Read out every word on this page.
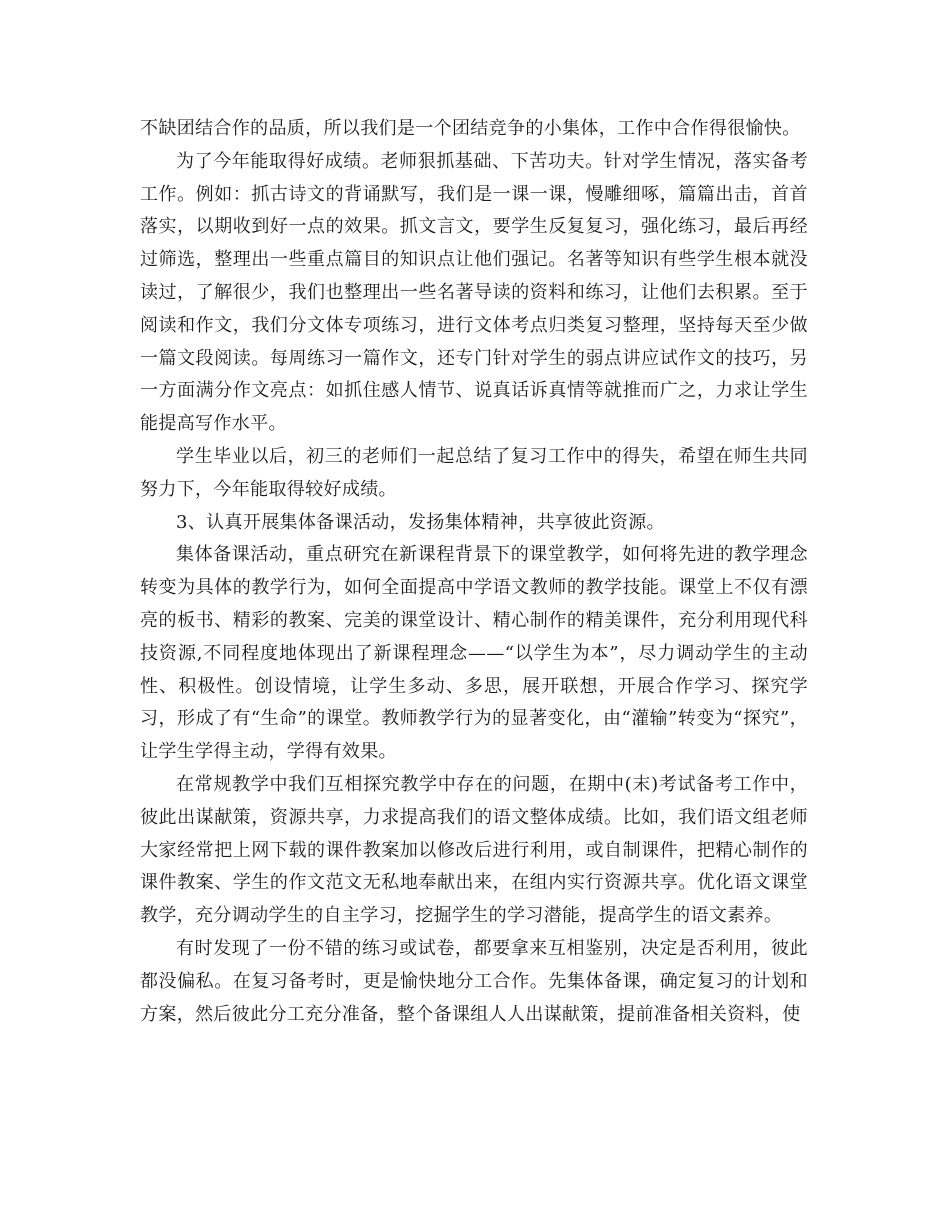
不缺团结合作的品质，所以我们是一个团结竞争的小集体，工作中合作得很愉快。

为了今年能取得好成绩。老师狠抓基础、下苦功夫。针对学生情况，落实备考工作。例如：抓古诗文的背诵默写，我们是一课一课，慢雕细啄，篇篇出击，首首落实，以期收到好一点的效果。抓文言文，要学生反复复习，强化练习，最后再经过筛选，整理出一些重点篇目的知识点让他们强记。名著等知识有些学生根本就没读过，了解很少，我们也整理出一些名著导读的资料和练习，让他们去积累。至于阅读和作文，我们分文体专项练习，进行文体考点归类复习整理，坚持每天至少做一篇文段阅读。每周练习一篇作文，还专门针对学生的弱点讲应试作文的技巧，另一方面满分作文亮点：如抓住感人情节、说真话诉真情等就推而广之，力求让学生能提高写作水平。

学生毕业以后，初三的老师们一起总结了复习工作中的得失，希望在师生共同努力下，今年能取得较好成绩。

3、认真开展集体备课活动，发扬集体精神，共享彼此资源。

集体备课活动，重点研究在新课程背景下的课堂教学，如何将先进的教学理念转变为具体的教学行为，如何全面提高中学语文教师的教学技能。课堂上不仅有漂亮的板书、精彩的教案、完美的课堂设计、精心制作的精美课件，充分利用现代科技资源,不同程度地体现出了新课程理念——“以学生为本”，尽力调动学生的主动性、积极性。创设情境，让学生多动、多思，展开联想，开展合作学习、探究学习，形成了有“生命”的课堂。教师教学行为的显著变化，由“灌输”转变为“探究”，让学生学得主动，学得有效果。

在常规教学中我们互相探究教学中存在的问题，在期中(末)考试备考工作中，彼此出谋献策，资源共享，力求提高我们的语文整体成绩。比如，我们语文组老师大家经常把上网下载的课件教案加以修改后进行利用，或自制课件，把精心制作的课件教案、学生的作文范文无私地奉献出来，在组内实行资源共享。优化语文课堂教学，充分调动学生的自主学习，挖掘学生的学习潜能，提高学生的语文素养。

有时发现了一份不错的练习或试卷，都要拿来互相鉴别，决定是否利用，彼此都没偏私。在复习备考时，更是愉快地分工合作。先集体备课，确定复习的计划和方案，然后彼此分工充分准备，整个备课组人人出谋献策，提前准备相关资料，使
